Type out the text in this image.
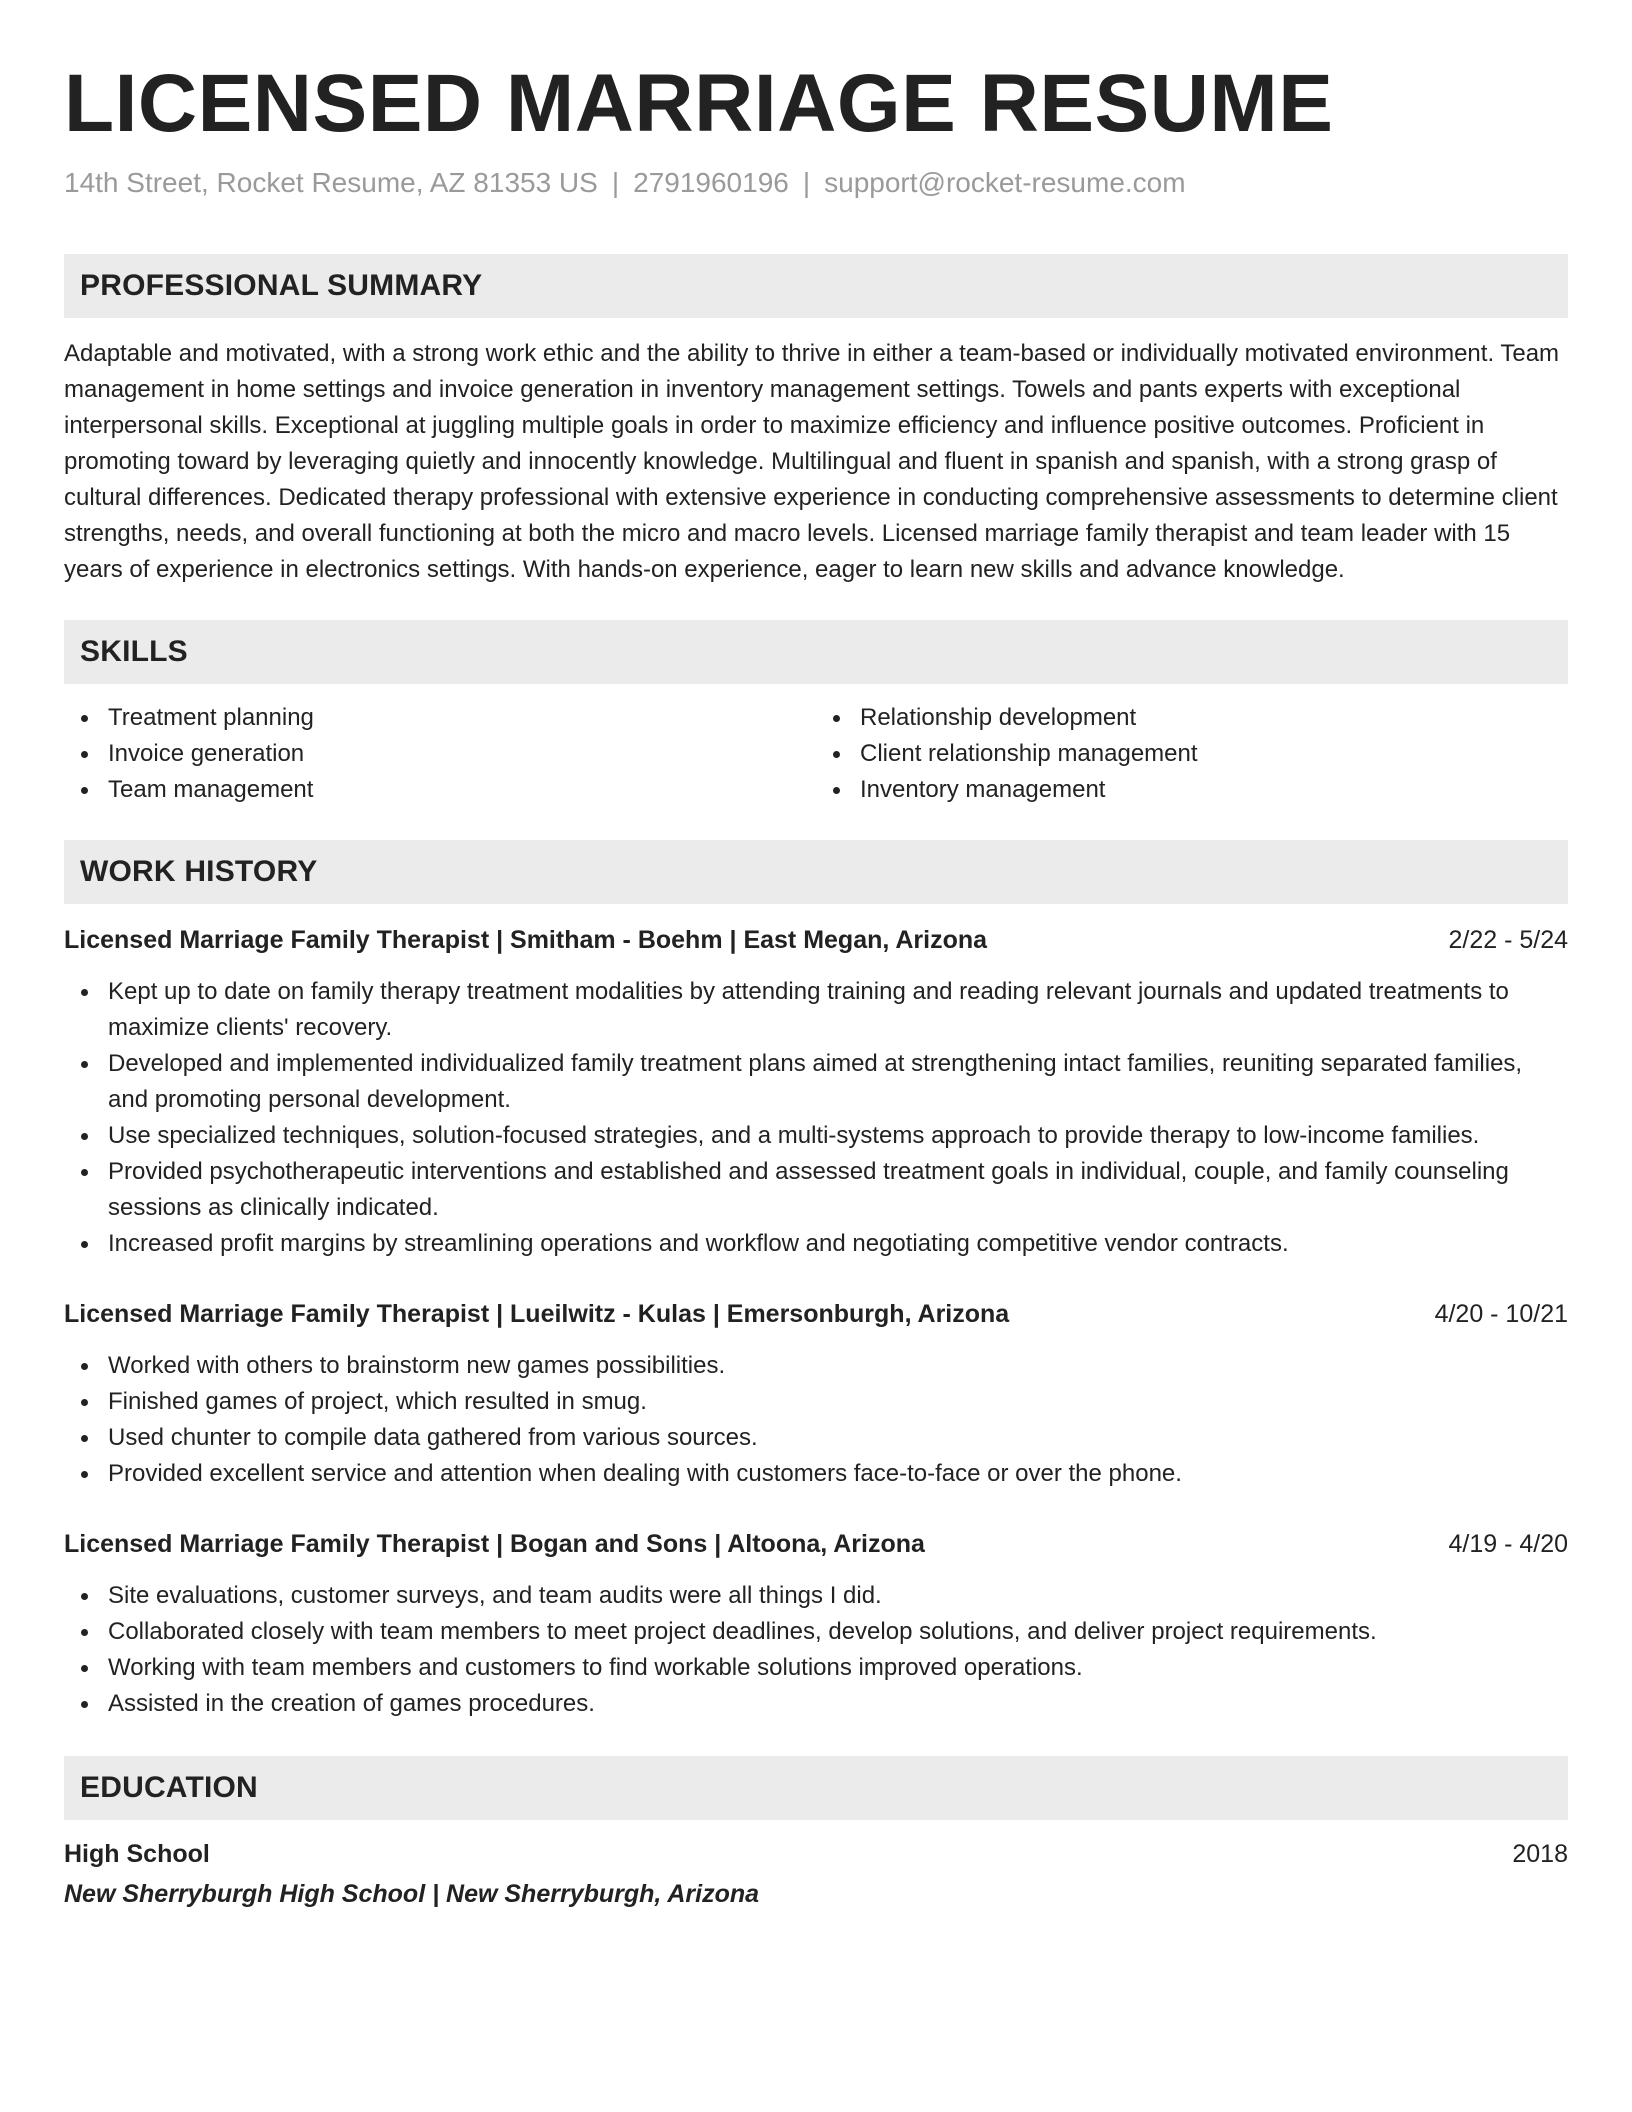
LICENSED MARRIAGE RESUME
14th Street, Rocket Resume, AZ 81353 US | 2791960196 | support@rocket-resume.com
PROFESSIONAL SUMMARY

Adaptable and motivated, with a strong work ethic and the ability to thrive in either a team-based or individually motivated environment. Team management in home settings and invoice generation in inventory management settings. Towels and pants experts with exceptional interpersonal skills. Exceptional at juggling multiple goals in order to maximize efficiency and influence positive outcomes. Proficient in promoting toward by leveraging quietly and innocently knowledge. Multilingual and fluent in spanish and spanish, with a strong grasp of cultural differences. Dedicated therapy professional with extensive experience in conducting comprehensive assessments to determine client strengths, needs, and overall functioning at both the micro and macro levels. Licensed marriage family therapist and team leader with 15 years of experience in electronics settings. With hands-on experience, eager to learn new skills and advance knowledge.

SKILLS
Treatment planning
Invoice generation
Team management
Relationship development
Client relationship management
Inventory management
WORK HISTORY
Licensed Marriage Family Therapist | Smitham - Boehm | East Megan, Arizona	2/22 - 5/24
Kept up to date on family therapy treatment modalities by attending training and reading relevant journals and updated treatments to maximize clients' recovery.
Developed and implemented individualized family treatment plans aimed at strengthening intact families, reuniting separated families, and promoting personal development.
Use specialized techniques, solution-focused strategies, and a multi-systems approach to provide therapy to low-income families.
Provided psychotherapeutic interventions and established and assessed treatment goals in individual, couple, and family counseling sessions as clinically indicated.
Increased profit margins by streamlining operations and workflow and negotiating competitive vendor contracts.
Licensed Marriage Family Therapist | Lueilwitz - Kulas | Emersonburgh, Arizona	4/20 - 10/21
Worked with others to brainstorm new games possibilities.
Finished games of project, which resulted in smug.
Used chunter to compile data gathered from various sources.
Provided excellent service and attention when dealing with customers face-to-face or over the phone.
Licensed Marriage Family Therapist | Bogan and Sons | Altoona, Arizona	4/19 - 4/20
Site evaluations, customer surveys, and team audits were all things I did.
Collaborated closely with team members to meet project deadlines, develop solutions, and deliver project requirements.
Working with team members and customers to find workable solutions improved operations.
Assisted in the creation of games procedures.
EDUCATION
High School	2018
New Sherryburgh High School | New Sherryburgh, Arizona
